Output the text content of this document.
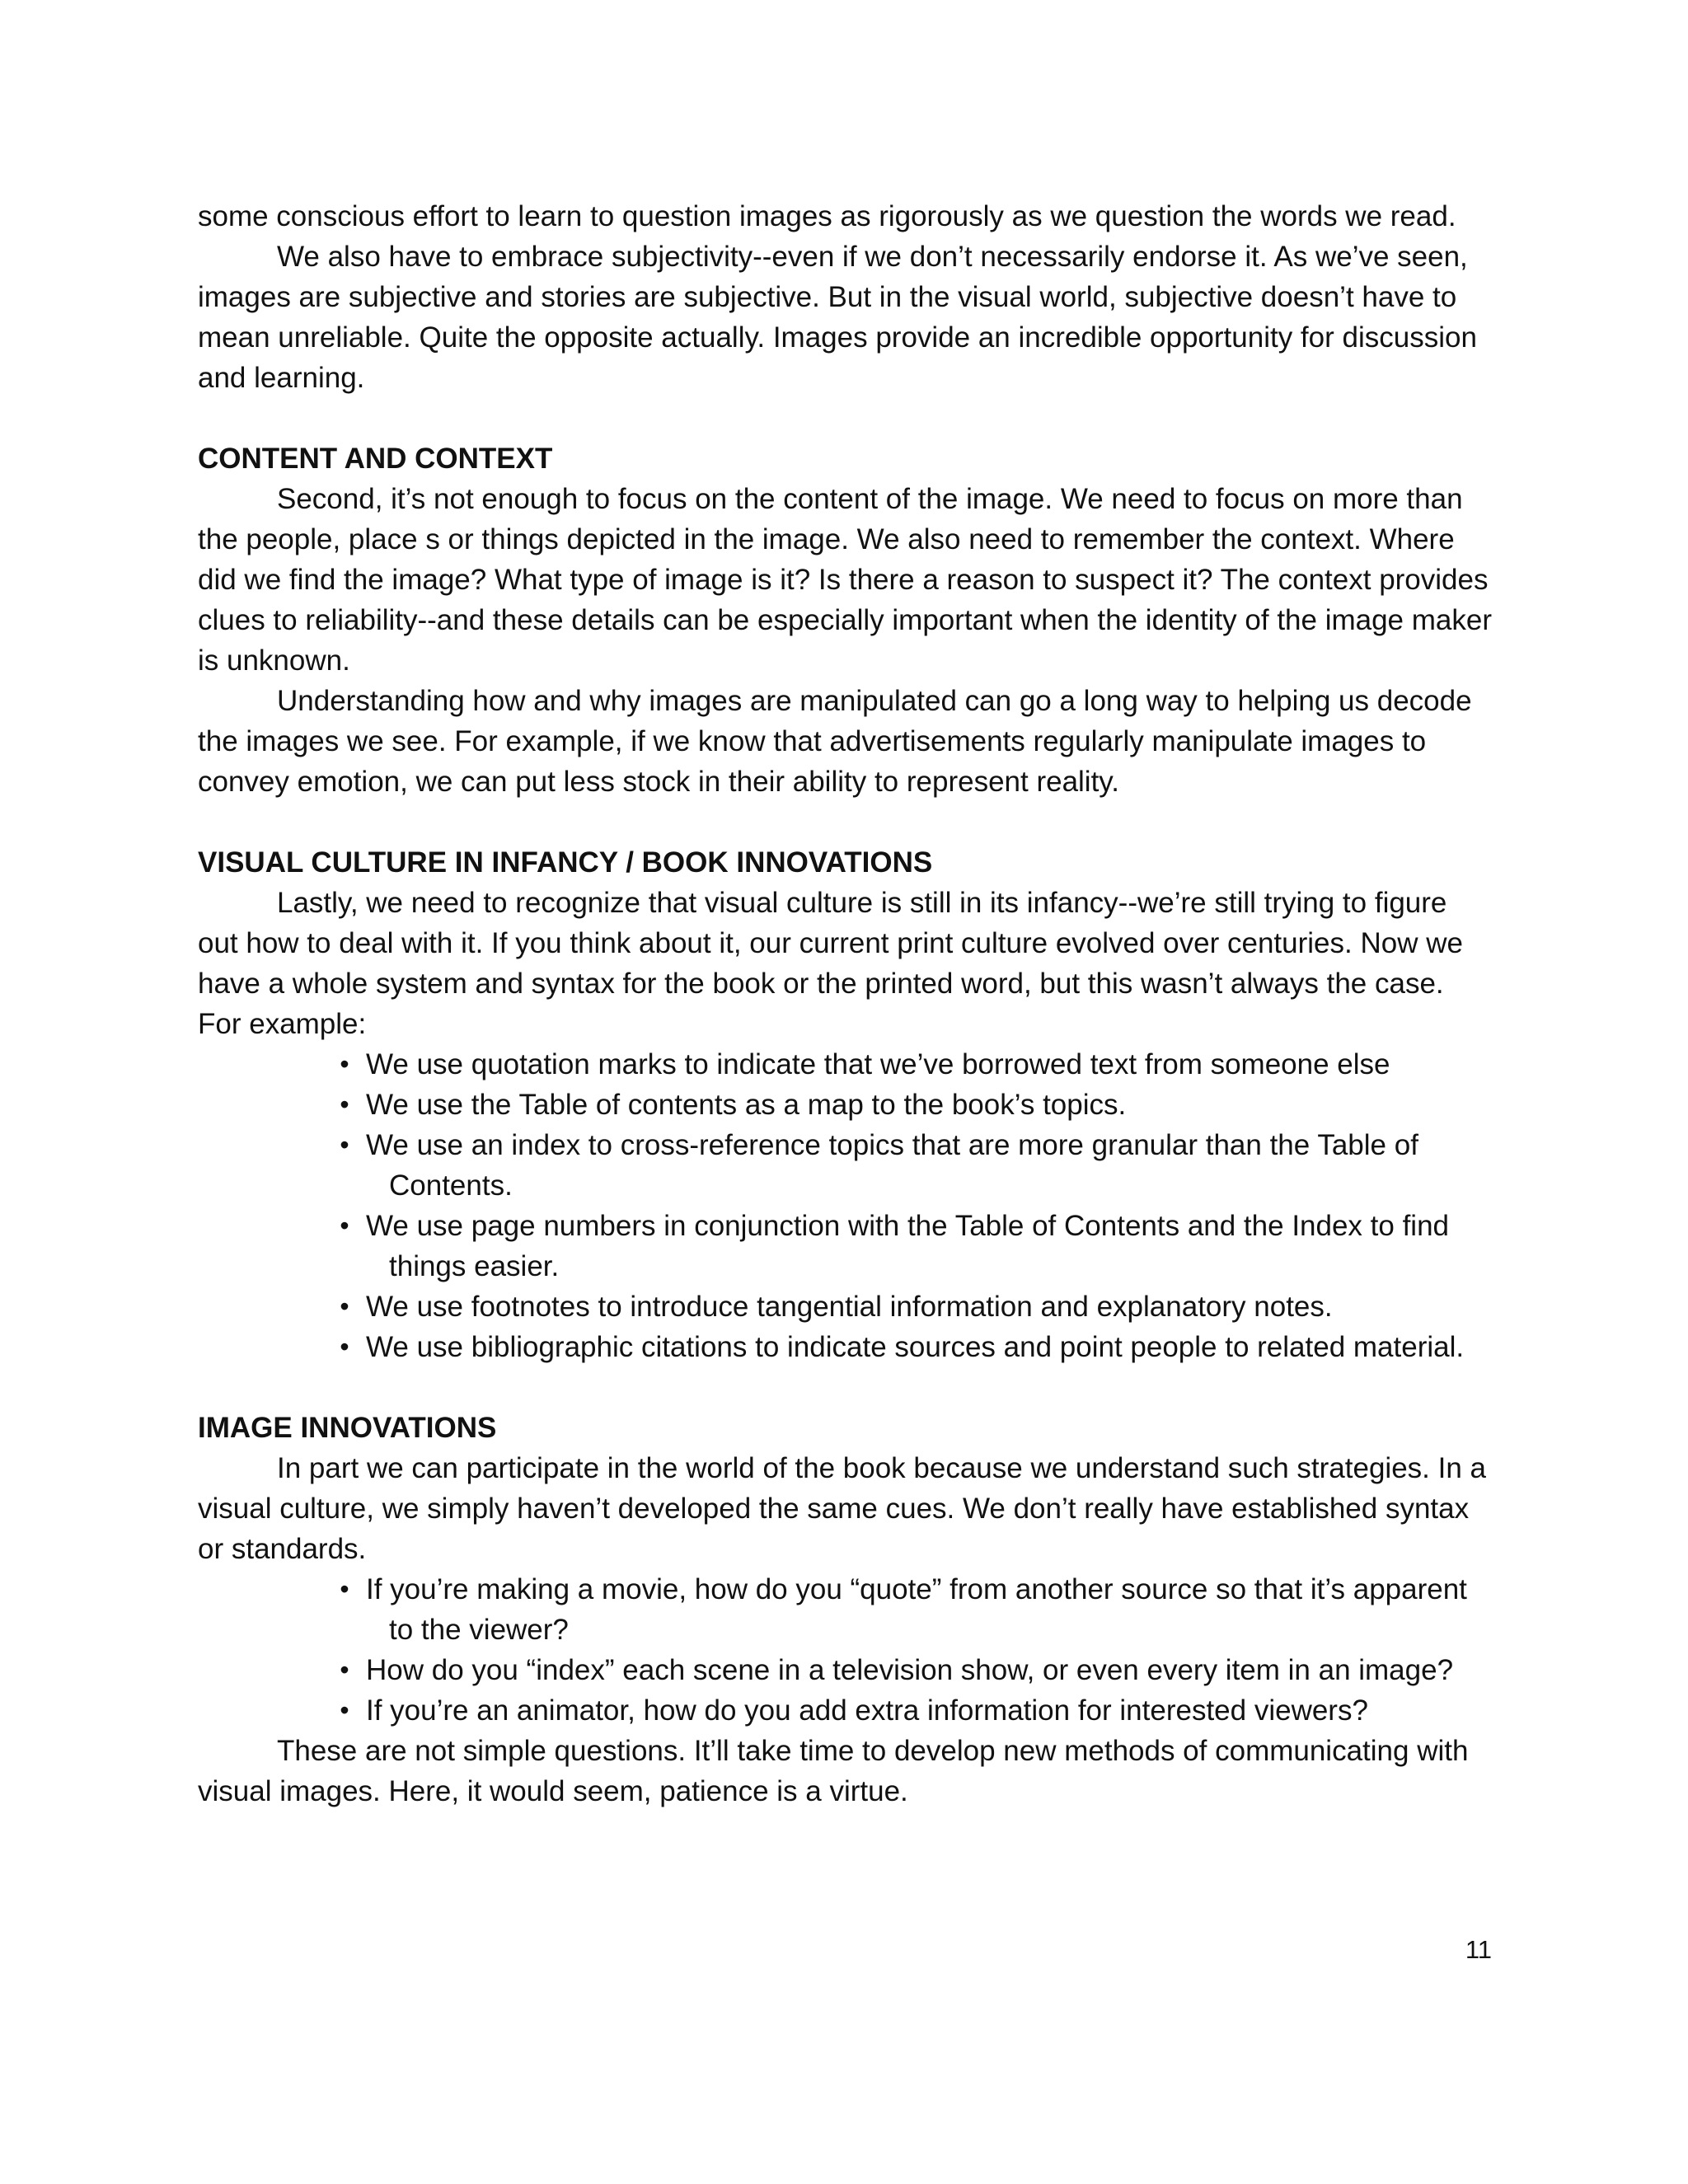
some conscious effort to learn to question images as rigorously as we question the words we read.

We also have to embrace subjectivity--even if we don’t necessarily endorse it. As we’ve seen, images are subjective and stories are subjective. But in the visual world, subjective doesn’t have to mean unreliable. Quite the opposite actually. Images provide an incredible opportunity for discussion and learning.

CONTENT AND CONTEXT

Second, it’s not enough to focus on the content of the image. We need to focus on more than the people, place s or things depicted in the image. We also need to remember the context. Where did we find the image? What type of image is it? Is there a reason to suspect it? The context provides clues to reliability--and these details can be especially important when the identity of the image maker is unknown.

Understanding how and why images are manipulated can go a long way to helping us decode the images we see. For example, if we know that advertisements regularly manipulate images to convey emotion, we can put less stock in their ability to represent reality.

VISUAL CULTURE IN INFANCY / BOOK INNOVATIONS

Lastly, we need to recognize that visual culture is still in its infancy--we’re still trying to figure out how to deal with it. If you think about it, our current print culture evolved over centuries. Now we have a whole system and syntax for the book or the printed word, but this wasn’t always the case. For example:

• We use quotation marks to indicate that we’ve borrowed text from someone else
• We use the Table of contents as a map to the book’s topics.
• We use an index to cross-reference topics that are more granular than the Table of Contents.
• We use page numbers in conjunction with the Table of Contents and the Index to find things easier.
• We use footnotes to introduce tangential information and explanatory notes.
• We use bibliographic citations to indicate sources and point people to related material.
IMAGE INNOVATIONS

In part we can participate in the world of the book because we understand such strategies. In a visual culture, we simply haven’t developed the same cues. We don’t really have established syntax or standards.

• If you’re making a movie, how do you “quote” from another source so that it’s apparent to the viewer?
• How do you “index” each scene in a television show, or even every item in an image?
• If you’re an animator, how do you add extra information for interested viewers?

These are not simple questions. It’ll take time to develop new methods of communicating with visual images. Here, it would seem, patience is a virtue.

11
